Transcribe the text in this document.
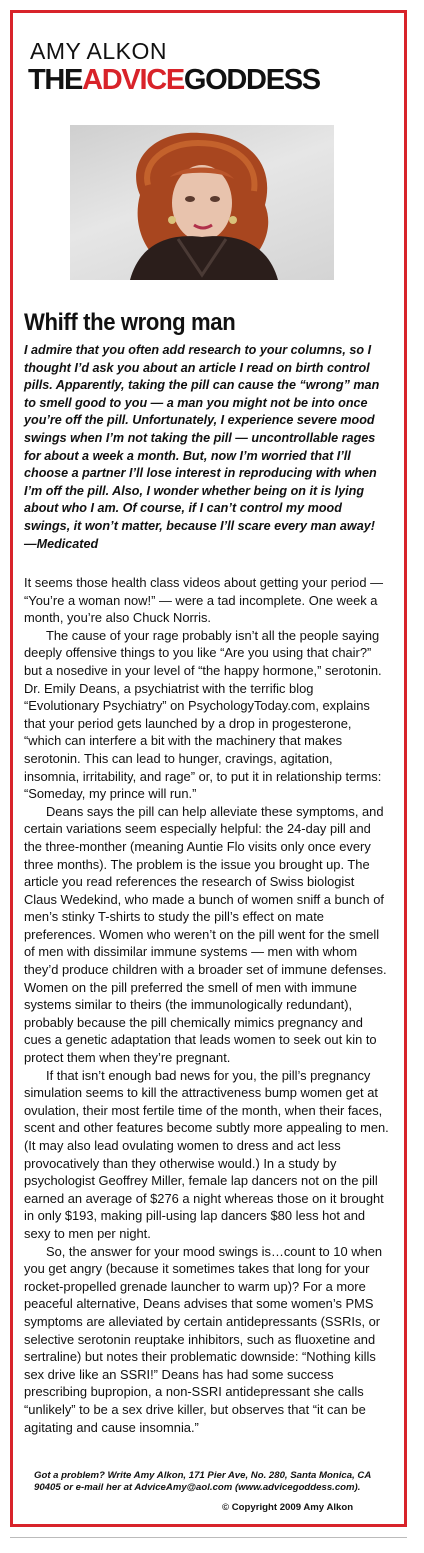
AMY ALKON
THEADVICEGODDESS
Whiff the wrong man

I admire that you often add research to your columns, so I thought I’d ask you about an article I read on birth control pills. Apparently, taking the pill can cause the “wrong” man to smell good to you — a man you might not be into once you’re off the pill. Unfortunately, I experience severe mood swings when I’m not taking the pill — uncontrollable rages for about a week a month. But, now I’m worried that I’ll choose a partner I’ll lose interest in reproducing with when I’m off the pill. Also, I wonder whether being on it is lying about who I am. Of course, if I can’t control my mood swings, it won’t matter, because I’ll scare every man away! —Medicated

It seems those health class videos about getting your period — “You’re a woman now!” — were a tad incomplete. One week a month, you’re also Chuck Norris.

The cause of your rage probably isn’t all the people saying deeply offensive things to you like “Are you using that chair?” but a nosedive in your level of “the happy hormone,” serotonin. Dr. Emily Deans, a psychiatrist with the terrific blog “Evolutionary Psychiatry” on PsychologyToday.com, explains that your period gets launched by a drop in progesterone, “which can interfere a bit with the machinery that makes serotonin. This can lead to hunger, cravings, agitation, insomnia, irritability, and rage” or, to put it in relationship terms: “Someday, my prince will run.”

Deans says the pill can help alleviate these symptoms, and certain variations seem especially helpful: the 24-day pill and the three-monther (meaning Auntie Flo visits only once every three months). The problem is the issue you brought up. The article you read references the research of Swiss biologist Claus Wedekind, who made a bunch of women sniff a bunch of men’s stinky T-shirts to study the pill’s effect on mate preferences. Women who weren’t on the pill went for the smell of men with dissimilar immune systems — men with whom they’d produce children with a broader set of immune defenses. Women on the pill preferred the smell of men with immune systems similar to theirs (the immunologically redundant), probably because the pill chemically mimics pregnancy and cues a genetic adaptation that leads women to seek out kin to protect them when they’re pregnant.

If that isn’t enough bad news for you, the pill’s pregnancy simulation seems to kill the attractiveness bump women get at ovulation, their most fertile time of the month, when their faces, scent and other features become subtly more appealing to men. (It may also lead ovulating women to dress and act less provocatively than they otherwise would.) In a study by psychologist Geoffrey Miller, female lap dancers not on the pill earned an average of $276 a night whereas those on it brought in only $193, making pill-using lap dancers $80 less hot and sexy to men per night.

So, the answer for your mood swings is…count to 10 when you get angry (because it sometimes takes that long for your rocket-propelled grenade launcher to warm up)? For a more peaceful alternative, Deans advises that some women’s PMS symptoms are alleviated by certain antidepressants (SSRIs, or selective serotonin reuptake inhibitors, such as fluoxetine and sertraline) but notes their problematic downside: “Nothing kills sex drive like an SSRI!” Deans has had some success prescribing bupropion, a non-SSRI antidepressant she calls “unlikely” to be a sex drive killer, but observes that “it can be agitating and cause insomnia.”

Got a problem? Write Amy Alkon, 171 Pier Ave, No. 280, Santa Monica, CA 90405 or e-mail her at AdviceAmy@aol.com (www.advicegoddess.com).

© Copyright 2009 Amy Alkon
